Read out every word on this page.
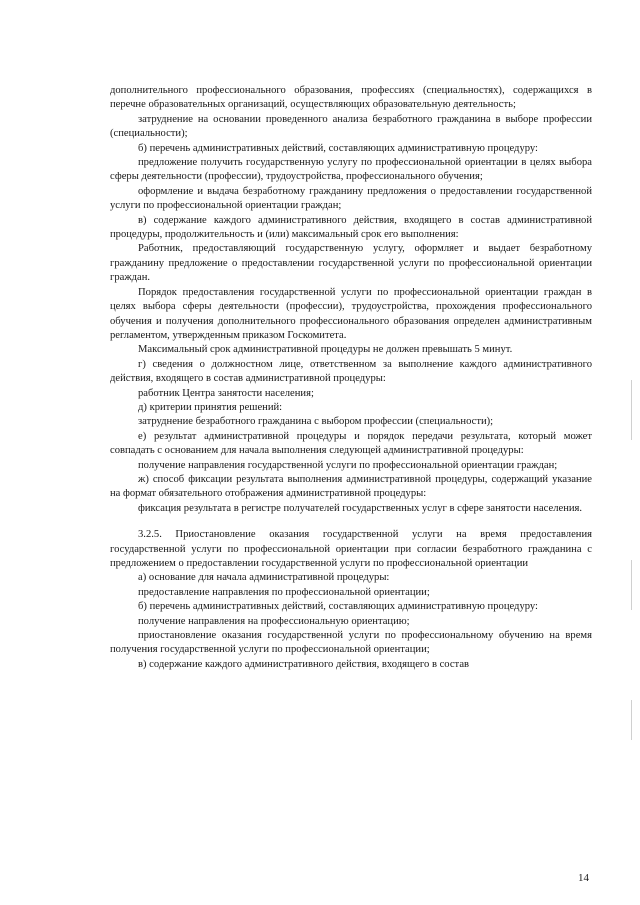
дополнительного профессионального образования, профессиях (специальностях), содержащихся в перечне образовательных организаций, осуществляющих образовательную деятельность;

затруднение на основании проведенного анализа безработного гражданина в выборе профессии (специальности);

б) перечень административных действий, составляющих административную процедуру:

предложение получить государственную услугу по профессиональной ориентации в целях выбора сферы деятельности (профессии), трудоустройства, профессионального обучения;

оформление и выдача безработному гражданину предложения о предоставлении государственной услуги по профессиональной ориентации граждан;

в) содержание каждого административного действия, входящего в состав административной процедуры, продолжительность и (или) максимальный срок его выполнения:

Работник, предоставляющий государственную услугу, оформляет и выдает безработному гражданину предложение о предоставлении государственной услуги по профессиональной ориентации граждан.

Порядок предоставления государственной услуги по профессиональной ориентации граждан в целях выбора сферы деятельности (профессии), трудоустройства, прохождения профессионального обучения и получения дополнительного профессионального образования определен административным регламентом, утвержденным приказом Госкомитета.

Максимальный срок административной процедуры не должен превышать 5 минут.

г) сведения о должностном лице, ответственном за выполнение каждого административного действия, входящего в состав административной процедуры:

работник Центра занятости населения;

д) критерии принятия решений:

затруднение безработного гражданина с выбором профессии (специальности);

е) результат административной процедуры и порядок передачи результата, который может совпадать с основанием для начала выполнения следующей административной процедуры:

получение направления государственной услуги по профессиональной ориентации граждан;

ж) способ фиксации результата выполнения административной процедуры, содержащий указание на формат обязательного отображения административной процедуры:

фиксация результата в регистре получателей государственных услуг в сфере занятости населения.

3.2.5. Приостановление оказания государственной услуги на время предоставления государственной услуги по профессиональной ориентации при согласии безработного гражданина с предложением о предоставлении государственной услуги по профессиональной ориентации

а) основание для начала административной процедуры:

предоставление направления по профессиональной ориентации;

б) перечень административных действий, составляющих административную процедуру:

получение направления на профессиональную ориентацию;

приостановление оказания государственной услуги по профессиональному обучению на время получения государственной услуги по профессиональной ориентации;

в) содержание каждого административного действия, входящего в состав

14
